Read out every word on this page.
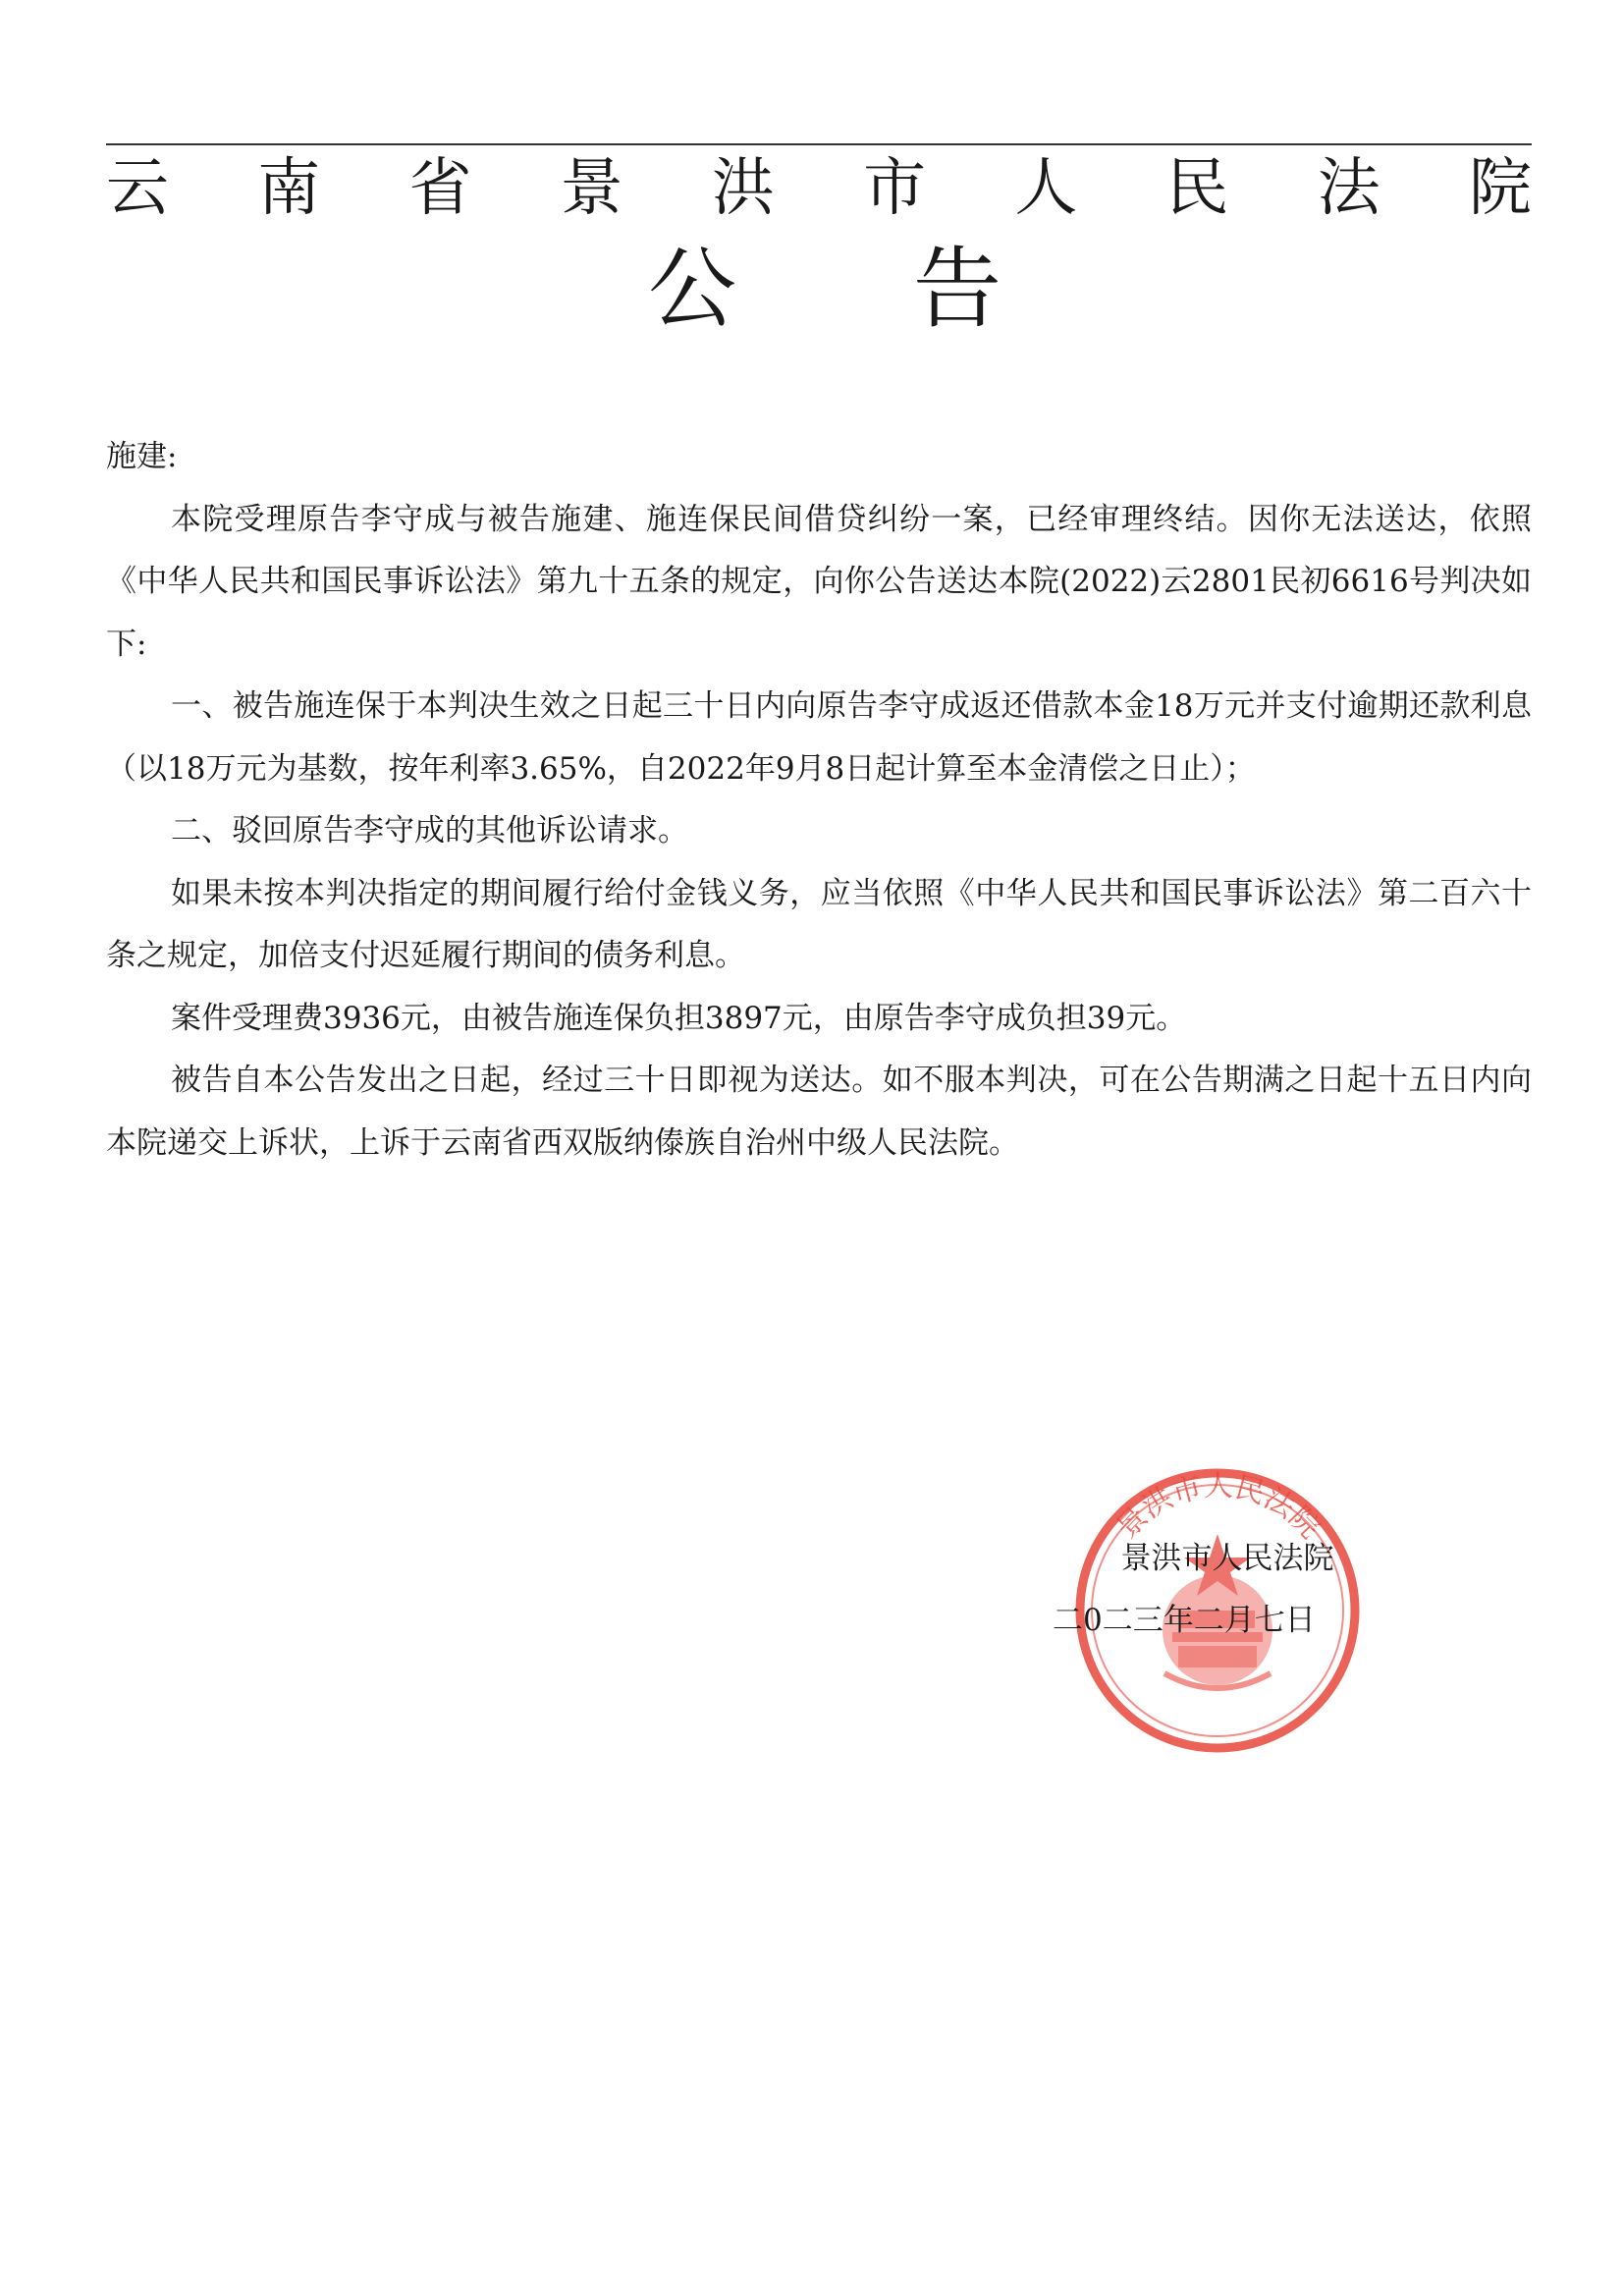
云 南 省 景 洪 市 人 民 法 院
公 告

施建:

本院受理原告李守成与被告施建、施连保民间借贷纠纷一案，已经审理终结。因你无法送达，依照《中华人民共和国民事诉讼法》第九十五条的规定，向你公告送达本院(2022)云2801民初6616号判决如下:

一、被告施连保于本判决生效之日起三十日内向原告李守成返还借款本金18万元并支付逾期还款利息（以18万元为基数，按年利率3.65%，自2022年9月8日起计算至本金清偿之日止）；

二、驳回原告李守成的其他诉讼请求。

如果未按本判决指定的期间履行给付金钱义务，应当依照《中华人民共和国民事诉讼法》第二百六十条之规定，加倍支付迟延履行期间的债务利息。

案件受理费3936元，由被告施连保负担3897元，由原告李守成负担39元。

被告自本公告发出之日起，经过三十日即视为送达。如不服本判决，可在公告期满之日起十五日内向本院递交上诉状，上诉于云南省西双版纳傣族自治州中级人民法院。

景洪市人民法院
景洪市人民法院
二0二三年二月七日
